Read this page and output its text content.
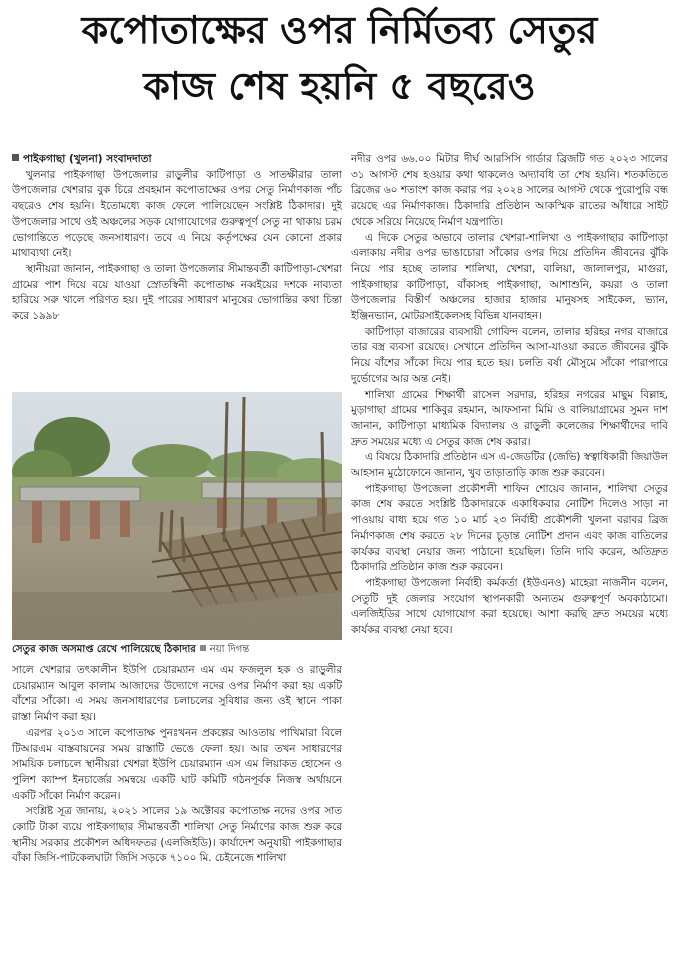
কপোতাক্ষের ওপর নির্মিতব্য সেতুর
কাজ শেষ হয়নি ৫ বছরেও

পাইকগাছা (খুলনা) সংবাদদাতা

খুলনার পাইকগাছা উপজেলার রাড়ুলীর কাটিপাড়া ও সাতক্ষীরার তালা উপজেলার খেশরার বুক চিরে প্রবহমান কপোতাক্ষের ওপর সেতু নির্মাণকাজ পাঁচ বছরেও শেষ হয়নি। ইতোমধ্যে কাজ ফেলে পালিয়েছেন সংশ্লিষ্ট ঠিকাদার। দুই উপজেলার সাথে ওই অঞ্চলের সড়ক যোগাযোগের গুরুত্বপূর্ণ সেতু না থাকায় চরম ভোগান্তিতে পড়েছে জনসাধারণ। তবে এ নিয়ে কর্তৃপক্ষের যেন কোনো প্রকার মাথাব্যথা নেই।

স্থানীয়রা জানান, পাইকগাছা ও তালা উপজেলার সীমান্তবর্তী কাটিপাড়া-খেশরা গ্রামের পাশ দিয়ে বয়ে যাওয়া স্রোতস্বিনী কপোতাক্ষ নব্বইয়ের দশকে নাব্যতা হারিয়ে সরু খালে পরিণত হয়। দুই পারের সাধারণ মানুষের ভোগান্তির কথা চিন্তা করে ১৯৯৮

সেতুর কাজ অসমাপ্ত রেখে পালিয়েছে ঠিকাদার নয়া দিগন্ত

সালে খেশরার তৎকালীন ইউপি চেয়ারম্যান এম এম ফজলুল হক ও রাড়ুলীর চেয়ারম্যান আবুল কালাম আজাদের উদ্যোগে নদের ওপর নির্মাণ করা হয় একটি বাঁশের সাঁকো। এ সময় জনসাধারণের চলাচলের সুবিধার জন্য ওই স্থানে পাকা রাস্তা নির্মাণ করা হয়।

এরপর ২০১৩ সালে কপোতাক্ষ পুনঃখনন প্রকল্পের আওতায় পাখিমারা বিলে টিআরএম বাস্তবায়নের সময় রাস্তাটি ভেঙে ফেলা হয়। আর তখন সাধারণের সাময়িক চলাচলে স্থানীয়রা খেশরা ইউপি চেয়ারম্যান এস এম লিয়াকত হোসেন ও পুলিশ ক্যাম্প ইনচার্জের সমন্বয়ে একটি ঘাট কমিটি গঠনপূর্বক নিজস্ব অর্থায়নে একটি সাঁকো নির্মাণ করেন।

সংশ্লিষ্ট সূত্র জানায়, ২০২১ সালের ১৯ অক্টোবর কপোতাক্ষ নদের ওপর সাত কোটি টাকা ব্যয়ে পাইকগাছার সীমান্তবর্তী শালিখা সেতু নির্মাণের কাজ শুরু করে স্থানীয় সরকার প্রকৌশল অধিদফতর (এলজিইডি)। কার্যাদেশ অনুযায়ী পাইকগাছার বাঁকা জিসি-পাটকেলঘাটা জিসি সড়কে ৭১০০ মি. চেইনেজে শালিখা

নদীর ওপর ৬৬.০০ মিটার দীর্ঘ আরসিসি গার্ডার ব্রিজটি গত ২০২৩ সালের ৩১ আগস্ট শেষ হওয়ার কথা থাকলেও অদ্যাবধি তা শেষ হয়নি। শতকতিতে ব্রিজের ৬০ শতাংশ কাজ করার পর ২০২৪ সালের আগস্ট থেকে পুরোপুরি বন্ধ রয়েছে এর নির্মাণকাজ। ঠিকাদারি প্রতিষ্ঠান আকস্মিক রাতের আঁধারে সাইট থেকে সরিয়ে নিয়েছে নির্মাণ যন্ত্রপাতি।

এ দিকে সেতুর অভাবে তালার খেশরা-শালিখা ও পাইকগাছার কাটিপাড়া এলাকায় নদীর ওপর ভাঙাচোরা সাঁকোর ওপর দিয়ে প্রতিদিন জীবনের ঝুঁকি নিয়ে পার হচ্ছে তালার শালিখা, খেশরা, বালিয়া, জালালপুর, মাগুরা, পাইকগাছার কাটিপাড়া, বাঁকাসহ পাইকগাছা, আশাশুনি, কয়রা ও তালা উপজেলার বিস্তীর্ণ অঞ্চলের হাজার হাজার মানুষসহ সাইকেল, ভ্যান, ইঞ্জিনভ্যান, মোটরসাইকেলসহ বিভিন্ন যানবাহন।

কাটিপাড়া বাজারের ব্যবসায়ী গোবিন্দ বলেন, তালার হরিহর নগর বাজারে তার বস্ত্র ব্যবসা রয়েছে। সেখানে প্রতিদিন আসা-যাওয়া করতে জীবনের ঝুঁকি নিয়ে বাঁশের সাঁকো দিয়ে পার হতে হয়। চলতি বর্ষা মৌসুমে সাঁকো পারাপারে দুর্ভোগের আর অন্ত নেই।

শালিখা গ্রামের শিক্ষার্থী রাসেল সরদার, হরিহর নগরের মাছুম বিল্লাহ, মুড়াগাছা গ্রামের শাকিবুর রহমান, আফসানা মিমি ও বালিয়াগ্রামের সুমন দাশ জানান, কাটিপাড়া মাধ্যমিক বিদ্যালয় ও রাড়ুলী কলেজের শিক্ষার্থীদের দাবি দ্রুত সময়ের মধ্যে এ সেতুর কাজ শেষ করার।

এ বিষয়ে ঠিকাদারি প্রতিষ্ঠান এস এ-জেডটির (জেভি) স্বত্বাধিকারী জিয়াউল আহসান মুঠোফোনে জানান, খুব তাড়াতাড়ি কাজ শুরু করবেন।

পাইকগাছা উপজেলা প্রকৌশলী শাফিন শোয়েব জানান, শালিখা সেতুর কাজ শেষ করতে সংশ্লিষ্ট ঠিকাদারকে একাধিকবার নোটিশ দিলেও সাড়া না পাওয়ায় বাধ্য হয়ে গত ১০ মার্চ ২৩ নির্বাহী প্রকৌশলী খুলনা বরাবর ব্রিজ নির্মাণকাজ শেষ করতে ২৮ দিনের চূড়ান্ত নোটিশ প্রদান এবং কাজ বাতিলের কার্যকর ব্যবস্থা নেয়ার জন্য পাঠানো হয়েছিল। তিনি দাবি করেন, অতিদ্রুত ঠিকাদারি প্রতিষ্ঠান কাজ শুরু করবেন।

পাইকগাছা উপজেলা নির্বাহী কর্মকর্তা (ইউএনও) মাহেরা নাজনীন বলেন, সেতুটি দুই জেলার সংযোগ স্থাপনকারী অন্যতম গুরুত্বপূর্ণ অবকাঠামো। এলজিইডির সাথে যোগাযোগ করা হয়েছে। আশা করছি দ্রুত সময়ের মধ্যে কার্যকর ব্যবস্থা নেয়া হবে।
